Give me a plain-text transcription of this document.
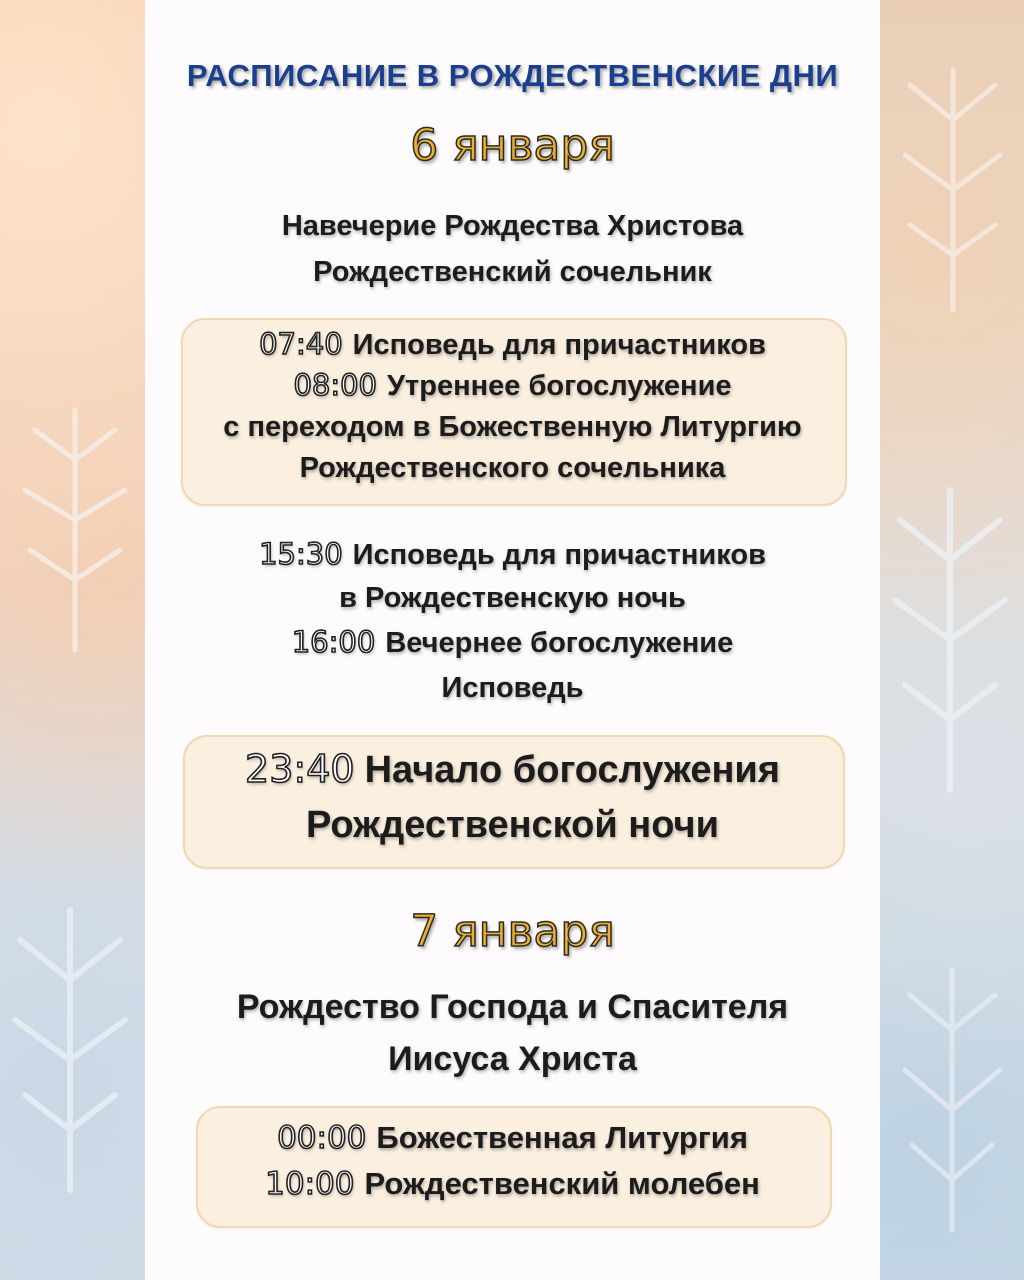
РАСПИСАНИЕ В РОЖДЕСТВЕНСКИЕ ДНИ
6 января
Навечерие Рождества Христова
Рождественский сочельник
07:40 Исповедь для причастников
08:00 Утреннее богослужение
с переходом в Божественную Литургию
Рождественского сочельника
15:30 Исповедь для причастников
в Рождественскую ночь
16:00 Вечернее богослужение
Исповедь
23:40 Начало богослужения
Рождественской ночи
7 января
Рождество Господа и Спасителя
Иисуса Христа
00:00 Божественная Литургия
10:00 Рождественский молебен
